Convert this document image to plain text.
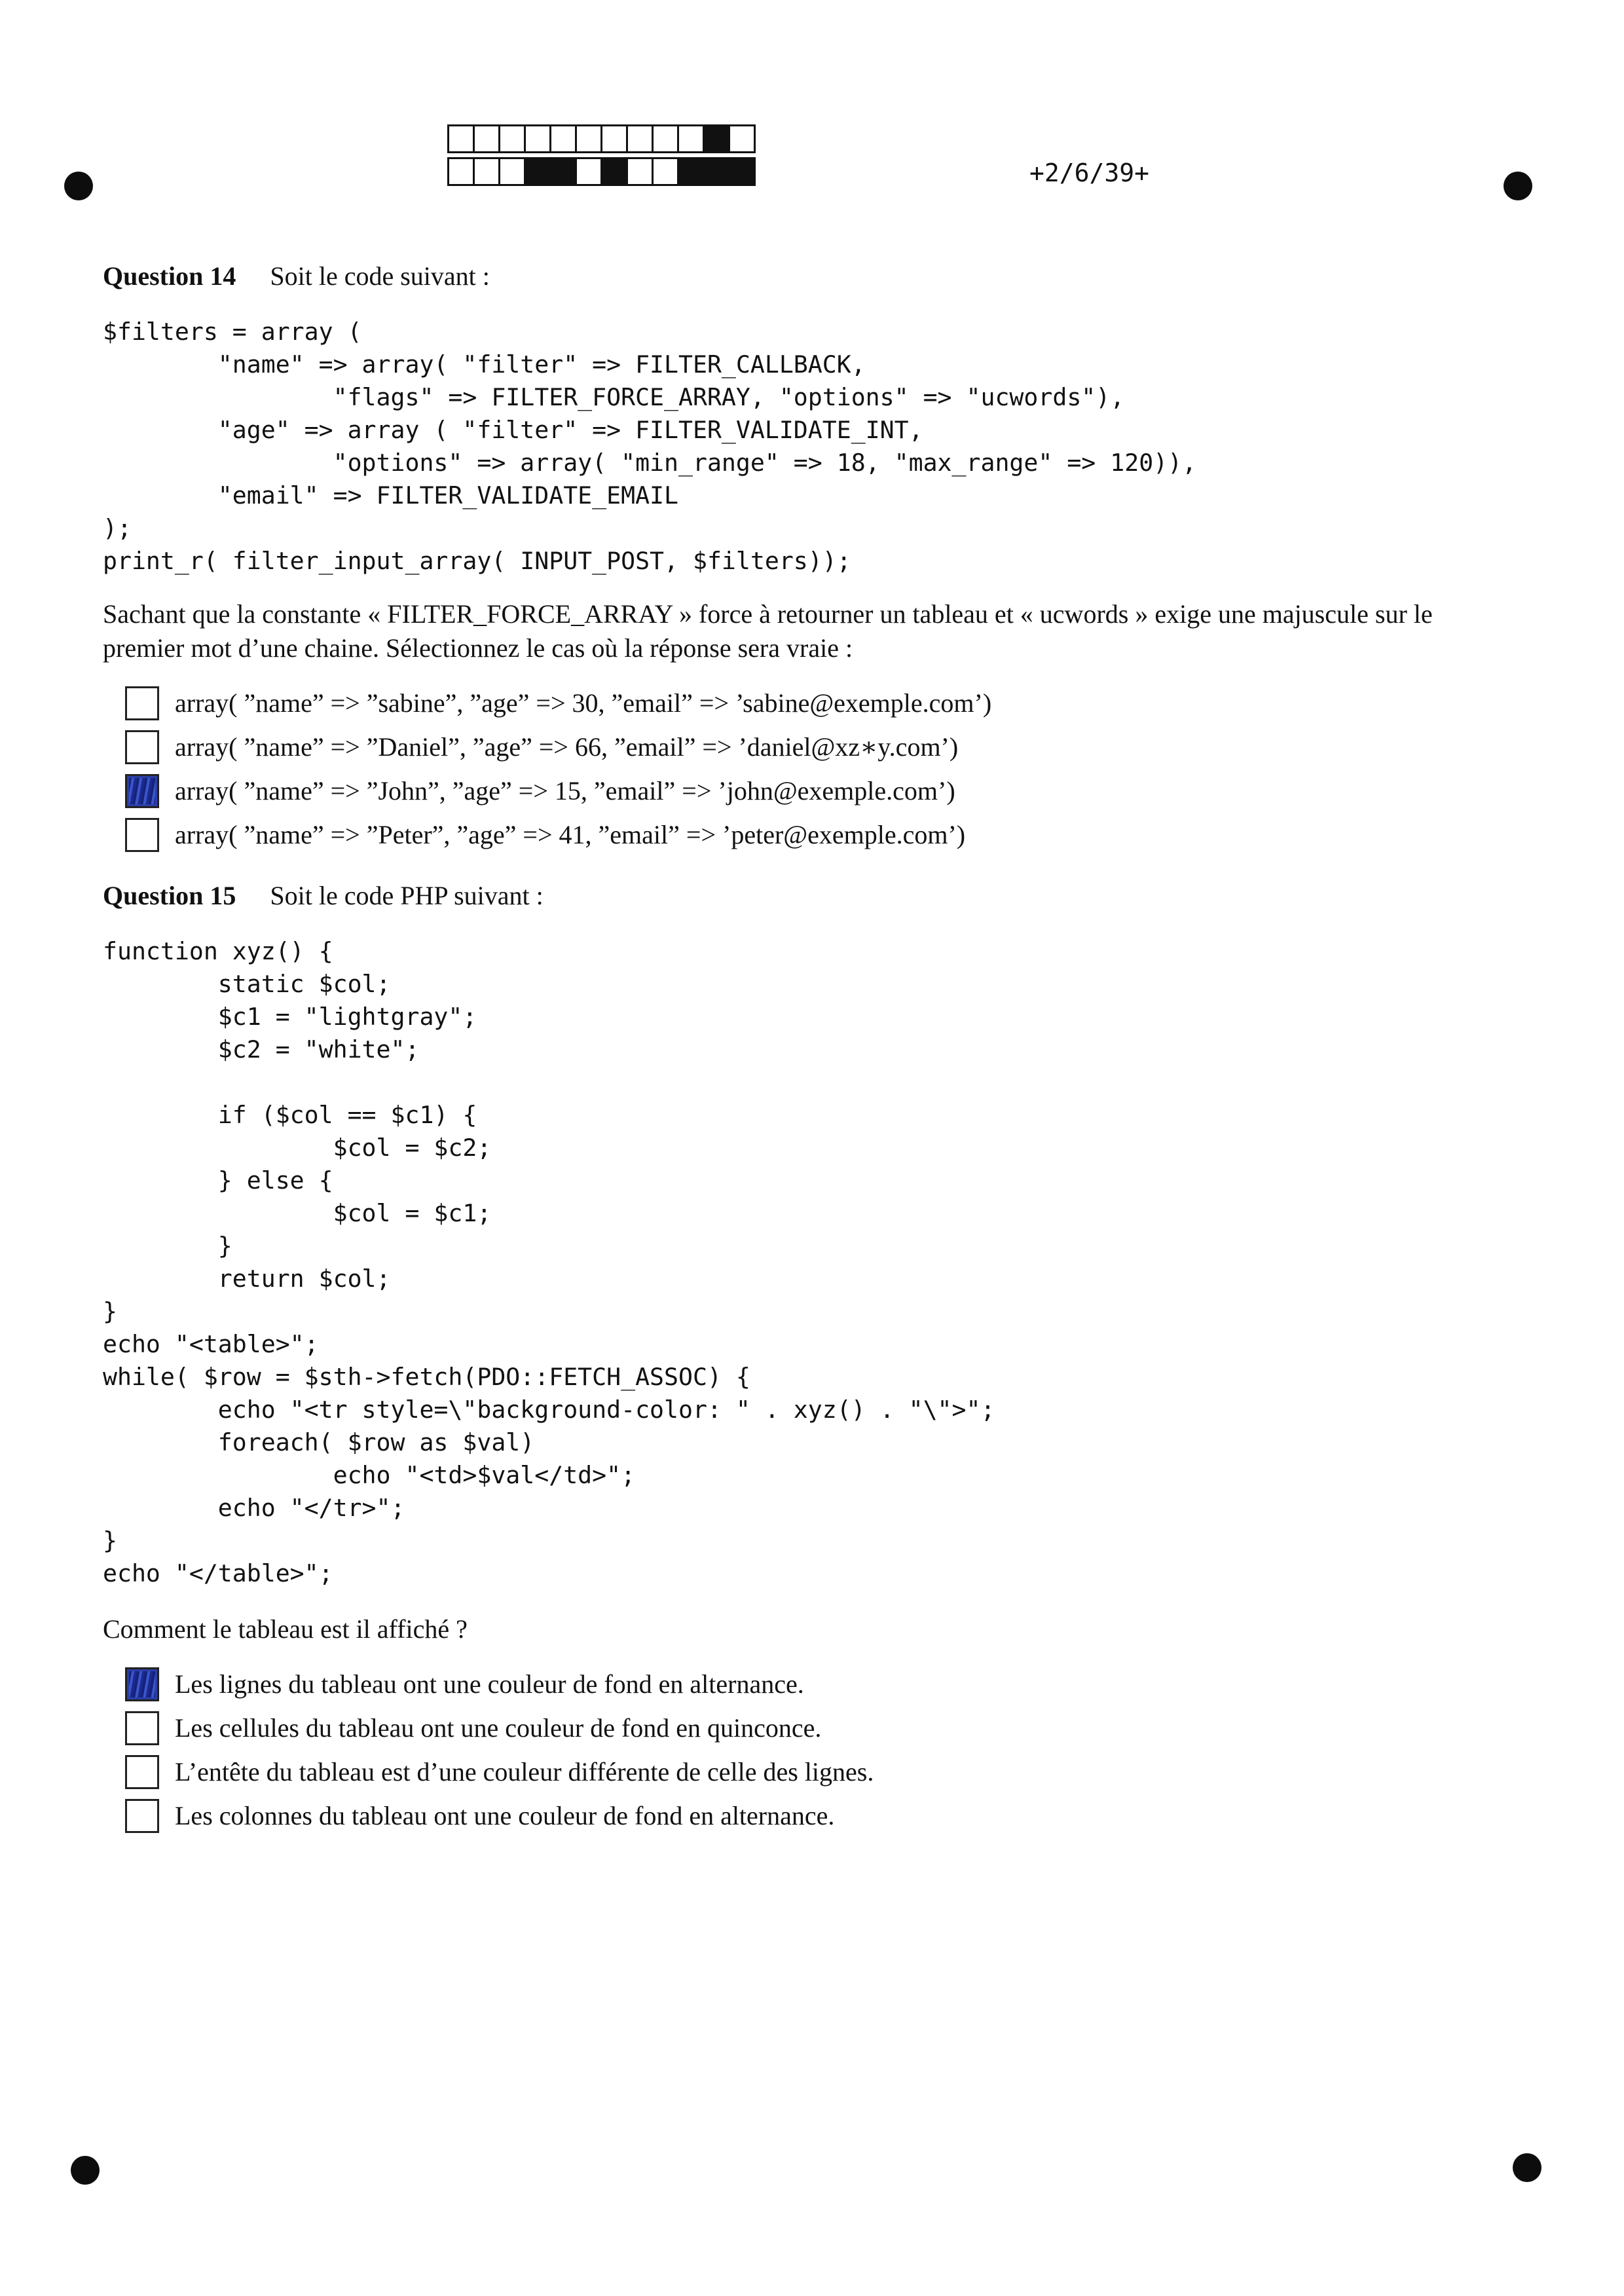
+2/6/39+
Question 14 Soit le code suivant :
$filters = array (
"name" => array( "filter" => FILTER_CALLBACK,
"flags" => FILTER_FORCE_ARRAY, "options" => "ucwords"),
"age" => array ( "filter" => FILTER_VALIDATE_INT,
"options" => array( "min_range" => 18, "max_range" => 120)),
"email" => FILTER_VALIDATE_EMAIL
);
print_r( filter_input_array( INPUT_POST, $filters));

Sachant que la constante « FILTER_FORCE_ARRAY » force à retourner un tableau et « ucwords » exige une majuscule sur le premier mot d’une chaine. Sélectionnez le cas où la réponse sera vraie :

array( ”name” => ”sabine”, ”age” => 30, ”email” => ’sabine@exemple.com’)
array( ”name” => ”Daniel”, ”age” => 66, ”email” => ’daniel@xz∗y.com’)
array( ”name” => ”John”, ”age” => 15, ”email” => ’john@exemple.com’)
array( ”name” => ”Peter”, ”age” => 41, ”email” => ’peter@exemple.com’)
Question 15 Soit le code PHP suivant :
function xyz() {
static $col;
$c1 = "lightgray";
$c2 = "white";

if ($col == $c1) {
$col = $c2;
} else {
$col = $c1;
}
return $col;
}
echo "<table>";
while( $row = $sth->fetch(PDO::FETCH_ASSOC) {
echo "<tr style=\"background-color: " . xyz() . "\">";
foreach( $row as $val)
echo "<td>$val</td>";
echo "</tr>";
}
echo "</table>";

Comment le tableau est il affiché ?

Les lignes du tableau ont une couleur de fond en alternance.
Les cellules du tableau ont une couleur de fond en quinconce.
L’entête du tableau est d’une couleur différente de celle des lignes.
Les colonnes du tableau ont une couleur de fond en alternance.
